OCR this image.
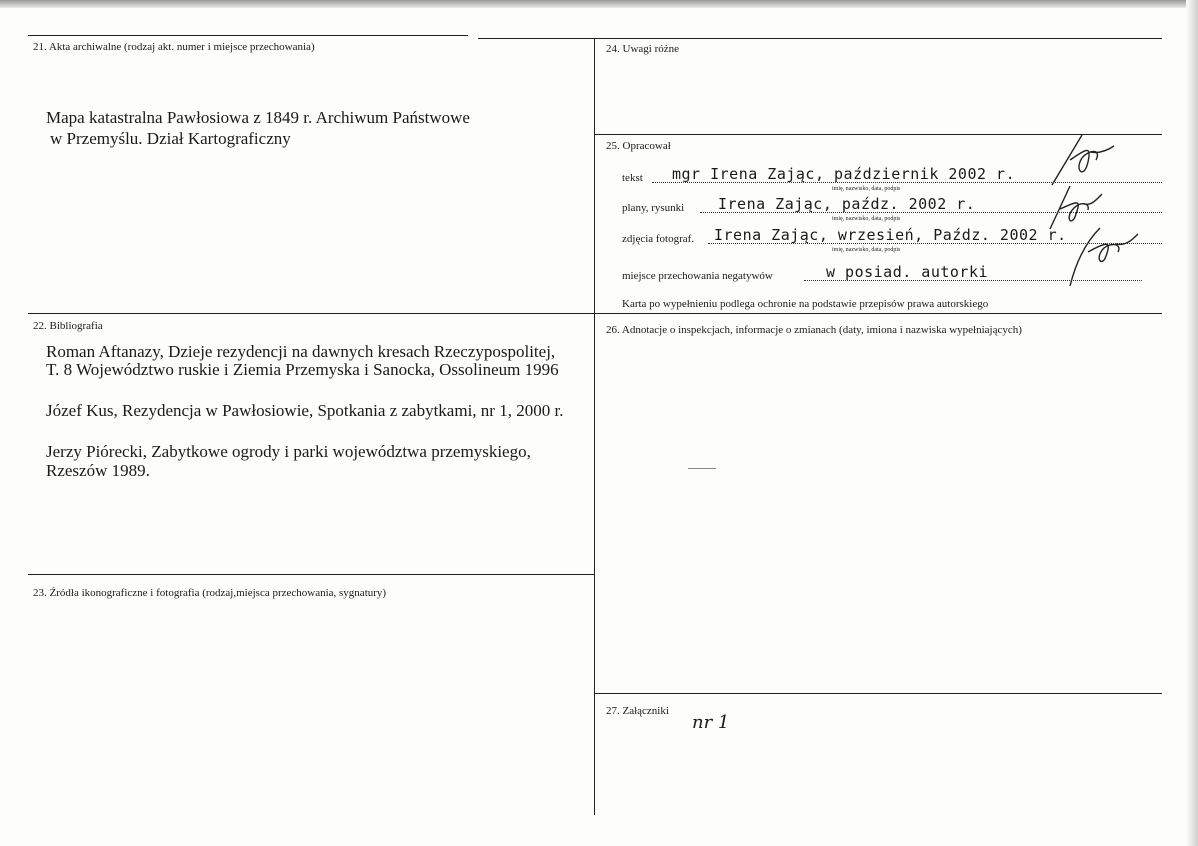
21. Akta archiwalne (rodzaj akt. numer i miejsce przechowania)
Mapa katastralna Pawłosiowa z 1849 r. Archiwum Państwowe
w Przemyślu. Dział Kartograficzny
22. Bibliografia
Roman Aftanazy, Dzieje rezydencji na dawnych kresach Rzeczypospolitej,
T. 8 Województwo ruskie i Ziemia Przemyska i Sanocka, Ossolineum 1996
Józef Kus, Rezydencja w Pawłosiowie, Spotkania z zabytkami, nr 1, 2000 r.
Jerzy Piórecki, Zabytkowe ogrody i parki województwa przemyskiego,
Rzeszów 1989.
23. Źródła ikonograficzne i fotografia (rodzaj,miejsca przechowania, sygnatury)
24. Uwagi różne
25. Opracował
tekst mgr Irena Zając, październik 2002 r.
imię, nazwisko, data, podpis
plany, rysunki Irena Zając, paźdz. 2002 r.
imię, nazwisko, data, podpis
zdjęcia fotograf. Irena Zając, wrzesień, Paźdz. 2002 r.
imię, nazwisko, data, podpis
miejsce przechowania negatywów	w posiad. autorki
Karta po wypełnieniu podlega ochronie na podstawie przepisów prawa autorskiego
26. Adnotacje o inspekcjach, informacje o zmianach (daty, imiona i nazwiska wypełniających)
27. Załączniki
nr 1
